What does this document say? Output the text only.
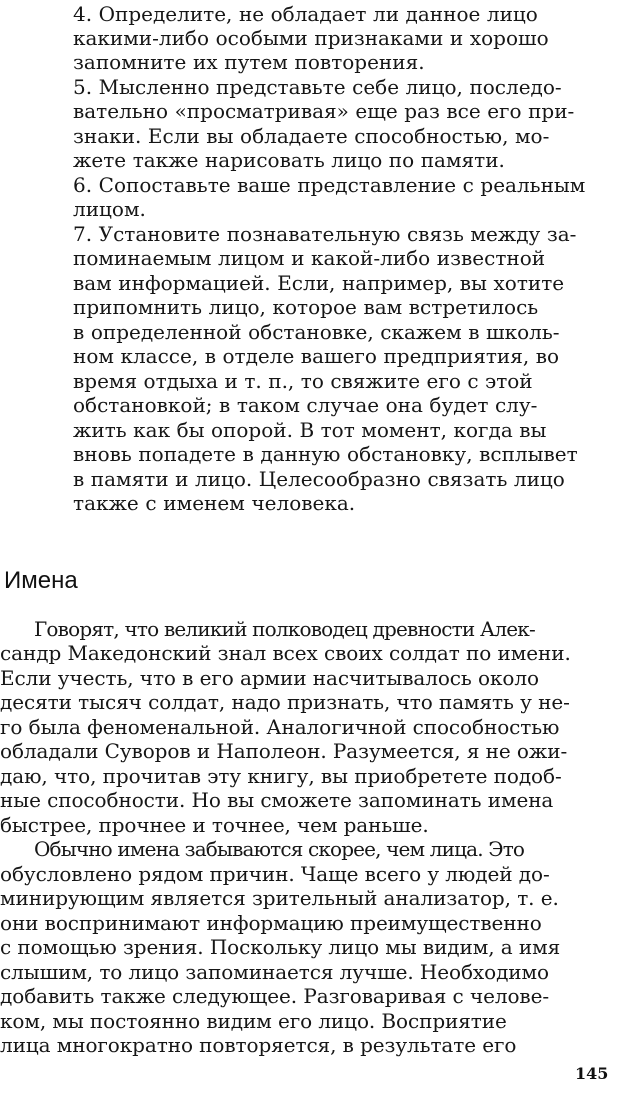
4. Определите, не обладает ли данное лицо
какими-либо особыми признаками и хорошо
запомните их путем повторения.
5. Мысленно представьте себе лицо, последо-
вательно «просматривая» еще раз все его при-
знаки. Если вы обладаете способностью, мо-
жете также нарисовать лицо по памяти.
6. Сопоставьте ваше представление с реальным
лицом.
7. Установите познавательную связь между за-
поминаемым лицом и какой-либо известной
вам информацией. Если, например, вы хотите
припомнить лицо, которое вам встретилось
в определенной обстановке, скажем в школь-
ном классе, в отделе вашего предприятия, во
время отдыха и т. п., то свяжите его с этой
обстановкой; в таком случае она будет слу-
жить как бы опорой. В тот момент, когда вы
вновь попадете в данную обстановку, всплывет
в памяти и лицо. Целесообразно связать лицо
также с именем человека.
Имена
Говорят, что великий полководец древности Алек-
сандр Македонский знал всех своих солдат по имени.
Если учесть, что в его армии насчитывалось около
десяти тысяч солдат, надо признать, что память у не-
го была феноменальной. Аналогичной способностью
обладали Суворов и Наполеон. Разумеется, я не ожи-
даю, что, прочитав эту книгу, вы приобретете подоб-
ные способности. Но вы сможете запоминать имена
быстрее, прочнее и точнее, чем раньше.
Обычно имена забываются скорее, чем лица. Это
обусловлено рядом причин. Чаще всего у людей до-
минирующим является зрительный анализатор, т. е.
они воспринимают информацию преимущественно
с помощью зрения. Поскольку лицо мы видим, а имя
слышим, то лицо запоминается лучше. Необходимо
добавить также следующее. Разговаривая с челове-
ком, мы постоянно видим его лицо. Восприятие
лица многократно повторяется, в результате его
145
